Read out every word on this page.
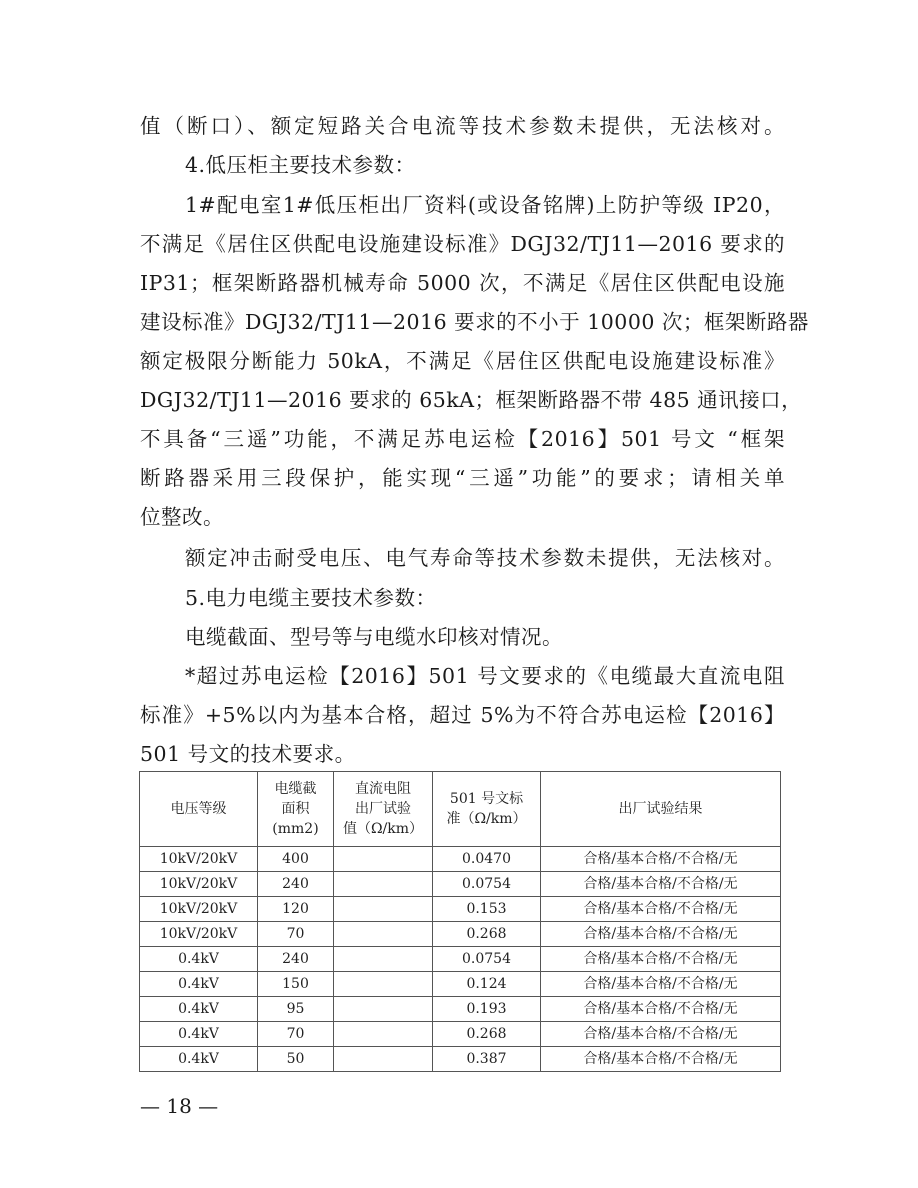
值（断口）、额定短路关合电流等技术参数未提供，无法核对。
4.低压柜主要技术参数：
1#配电室1#低压柜出厂资料(或设备铭牌)上防护等级 IP20，
不满足《居住区供配电设施建设标准》DGJ32/TJ11—2016 要求的
IP31；框架断路器机械寿命 5000 次，不满足《居住区供配电设施
建设标准》DGJ32/TJ11—2016 要求的不小于 10000 次；框架断路器
额定极限分断能力 50kA，不满足《居住区供配电设施建设标准》
DGJ32/TJ11—2016 要求的 65kA；框架断路器不带 485 通讯接口，
不具备“三遥”功能，不满足苏电运检【2016】501 号文 “框架
断路器采用三段保护，能实现“三遥”功能”的要求；请相关单
位整改。
额定冲击耐受电压、电气寿命等技术参数未提供，无法核对。
5.电力电缆主要技术参数：
电缆截面、型号等与电缆水印核对情况。
*超过苏电运检【2016】501 号文要求的《电缆最大直流电阻
标准》+5%以内为基本合格，超过 5%为不符合苏电运检【2016】
501 号文的技术要求。
电压等级	电缆截
面积
(mm2)	直流电阻
出厂试验
值（Ω/km）	501 号文标
准（Ω/km）	出厂试验结果
10kV/20kV	400		0.0470	合格/基本合格/不合格/无
10kV/20kV	240		0.0754	合格/基本合格/不合格/无
10kV/20kV	120		0.153	合格/基本合格/不合格/无
10kV/20kV	70		0.268	合格/基本合格/不合格/无
0.4kV	240		0.0754	合格/基本合格/不合格/无
0.4kV	150		0.124	合格/基本合格/不合格/无
0.4kV	95		0.193	合格/基本合格/不合格/无
0.4kV	70		0.268	合格/基本合格/不合格/无
0.4kV	50		0.387	合格/基本合格/不合格/无
— 18 —
